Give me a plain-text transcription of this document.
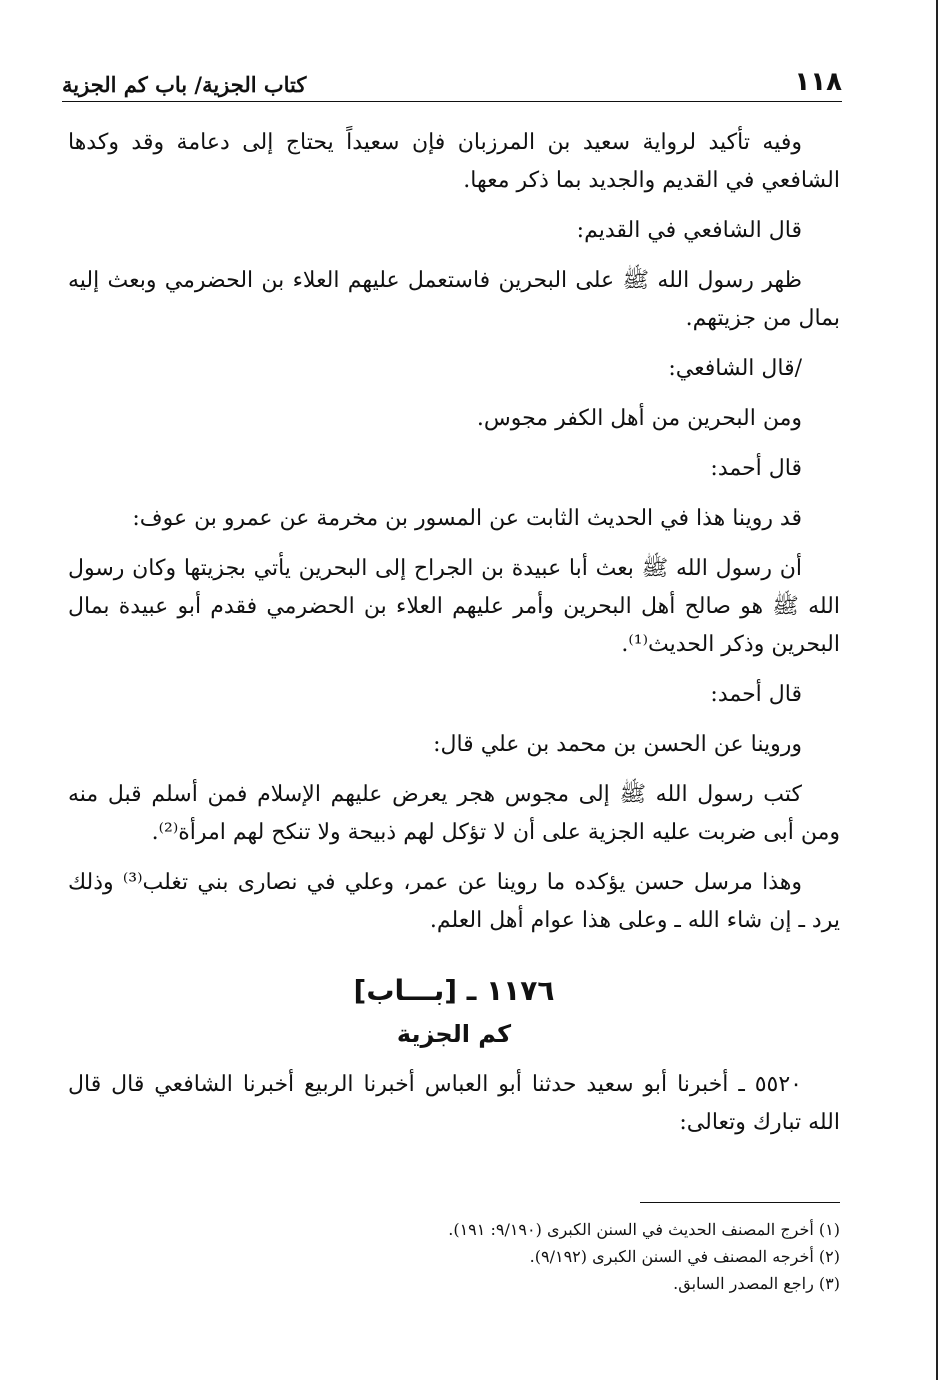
١١٨
كتاب الجزية/ باب كم الجزية

وفيه تأكيد لرواية سعيد بن المرزبان فإن سعيداً يحتاج إلى دعامة وقد وكدها الشافعي في القديم والجديد بما ذكر معها.

قال الشافعي في القديم:

ظهر رسول الله ﷺ على البحرين فاستعمل عليهم العلاء بن الحضرمي وبعث إليه بمال من جزيتهم.

/قال الشافعي:

ومن البحرين من أهل الكفر مجوس.

قال أحمد:

قد روينا هذا في الحديث الثابت عن المسور بن مخرمة عن عمرو بن عوف:

أن رسول الله ﷺ بعث أبا عبيدة بن الجراح إلى البحرين يأتي بجزيتها وكان رسول الله ﷺ هو صالح أهل البحرين وأمر عليهم العلاء بن الحضرمي فقدم أبو عبيدة بمال البحرين وذكر الحديث⁽¹⁾.

قال أحمد:

وروينا عن الحسن بن محمد بن علي قال:

كتب رسول الله ﷺ إلى مجوس هجر يعرض عليهم الإسلام فمن أسلم قبل منه ومن أبى ضربت عليه الجزية على أن لا تؤكل لهم ذبيحة ولا تنكح لهم امرأة⁽²⁾.

وهذا مرسل حسن يؤكده ما روينا عن عمر، وعلي في نصارى بني تغلب⁽³⁾ وذلك يرد ـ إن شاء الله ـ وعلى هذا عوام أهل العلم.

١١٧٦ ـ [بـــاب]
كم الجزية

٥٥٢٠ ـ أخبرنا أبو سعيد حدثنا أبو العباس أخبرنا الربيع أخبرنا الشافعي قال قال الله تبارك وتعالى:

(١) أخرج المصنف الحديث في السنن الكبرى (٩/١٩٠: ١٩١).
(٢) أخرجه المصنف في السنن الكبرى (٩/١٩٢).
(٣) راجع المصدر السابق.
